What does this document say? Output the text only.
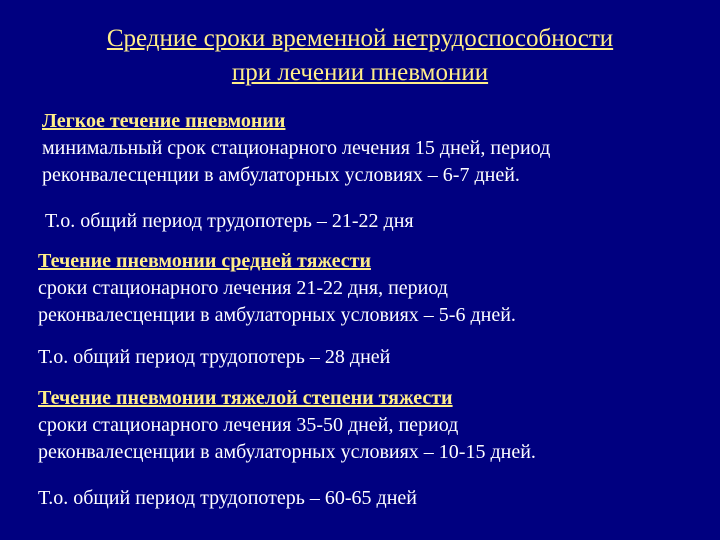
Средние сроки временной нетрудоспособности
при лечении пневмонии
Легкое течение пневмонии
минимальный срок стационарного лечения 15 дней, период
реконвалесценции в амбулаторных условиях – 6-7 дней.
Т.о. общий период трудопотерь – 21-22 дня
Течение пневмонии средней тяжести
сроки стационарного лечения 21-22 дня, период
реконвалесценции в амбулаторных условиях – 5-6 дней.
Т.о. общий период трудопотерь – 28 дней
Течение пневмонии тяжелой степени тяжести
сроки стационарного лечения 35-50 дней, период
реконвалесценции в амбулаторных условиях – 10-15 дней.
Т.о. общий период трудопотерь – 60-65 дней
